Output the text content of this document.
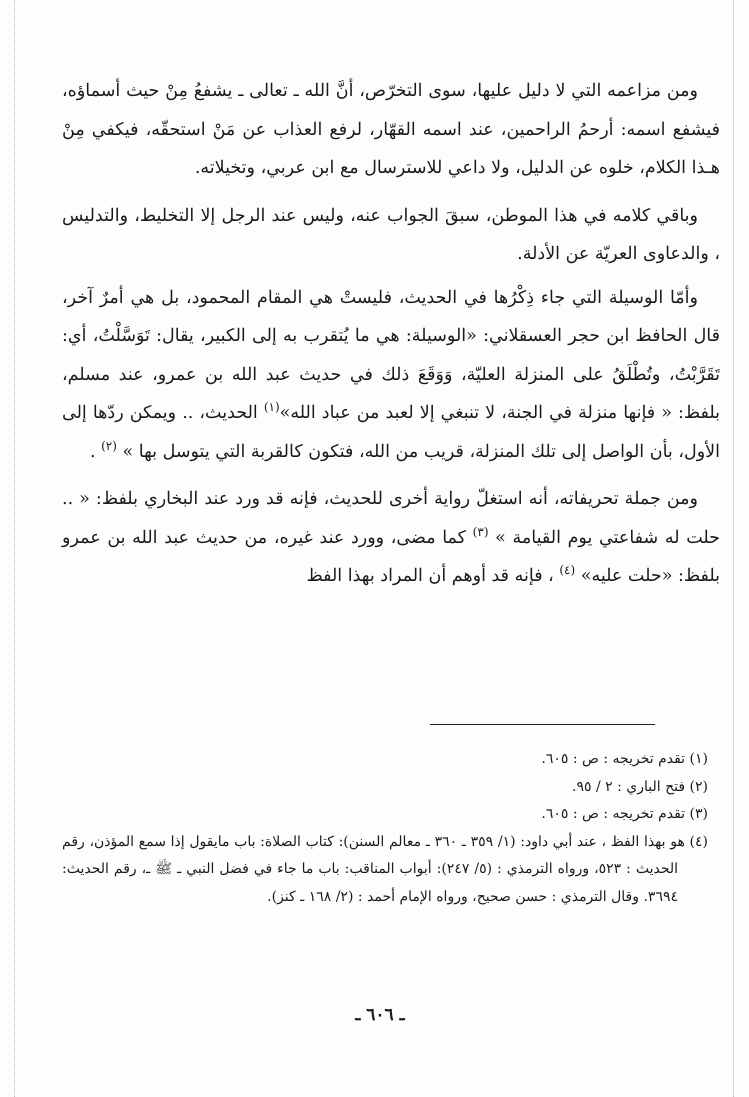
ومن مزاعمه التي لا دليل عليها، سوى التخرّص، أنَّ الله ـ تعالى ـ يشفعُ مِنْ حيث أسماؤه، فيشفع اسمه: أرحمُ الراحمين، عند اسمه القهّار، لرفع العذاب عن مَنْ استحقّه، فيكفي مِنْ هـذا الكلام، خلوه عن الدليل، ولا داعي للاسترسال مع ابن عربي، وتخيلاته.

وباقي كلامه في هذا الموطن، سبقَ الجواب عنه، وليس عند الرجل إلا التخليط، والتدليس ، والدعاوى العريّة عن الأدلة.

وأمّا الوسيلة التي جاء ذِكْرُها في الحديث، فليستْ هي المقام المحمود، بل هي أمرٌ آخر، قال الحافظ ابن حجر العسقلاني: «الوسيلة: هي ما يُتقرب به إلى الكبير، يقال: تَوَسَّلْتُ، أي: تَقَرَّبْتُ، وتُطْلَقُ على المنزلة العليّة، وَوَقَعَ ذلك في حديث عبد الله بن عمرو، عند مسلم، بلفظ: « فإنها منزلة في الجنة، لا تنبغي إلا لعبد من عباد الله»$^{(١)}$ الحديث، .. ويمكن ردّها إلى الأول، بأن الواصل إلى تلك المنزلة، قريب من الله، فتكون كالقربة التي يتوسل بها » $^{(٢)}$ .

ومن جملة تحريفاته، أنه استغلّ رواية أخرى للحديث، فإنه قد ورد عند البخاري بلفظ: « .. حلت له شفاعتي يوم القيامة » $^{(٣)}$ كما مضى، وورد عند غيره، من حديث عبد الله بن عمرو بلفظ: «حلت عليه» $^{(٤)}$ ، فإنه قد أوهم أن المراد بهذا الفظ

(١) تقدم تخريجه : ص : ٦٠٥.

(٢) فتح الباري : ٢ / ٩٥.

(٣) تقدم تخريجه : ص : ٦٠٥.

(٤) هو بهذا الفظ ، عند أبي داود: (١/ ٣٥٩ ـ ٣٦٠ ـ معالم السنن): كتاب الصلاة: باب مايقول إذا سمع المؤذن، رقم الحديث : ٥٢٣، ورواه الترمذي : (٥/ ٢٤٧): أبواب المناقب: باب ما جاء في فضل النبي ـ ﷺ ـ، رقم الحديث: ٣٦٩٤. وقال الترمذي : حسن صحيح، ورواه الإمام أحمد : (٢/ ١٦٨ ـ كنز).

ـ ٦٠٦ ـ
